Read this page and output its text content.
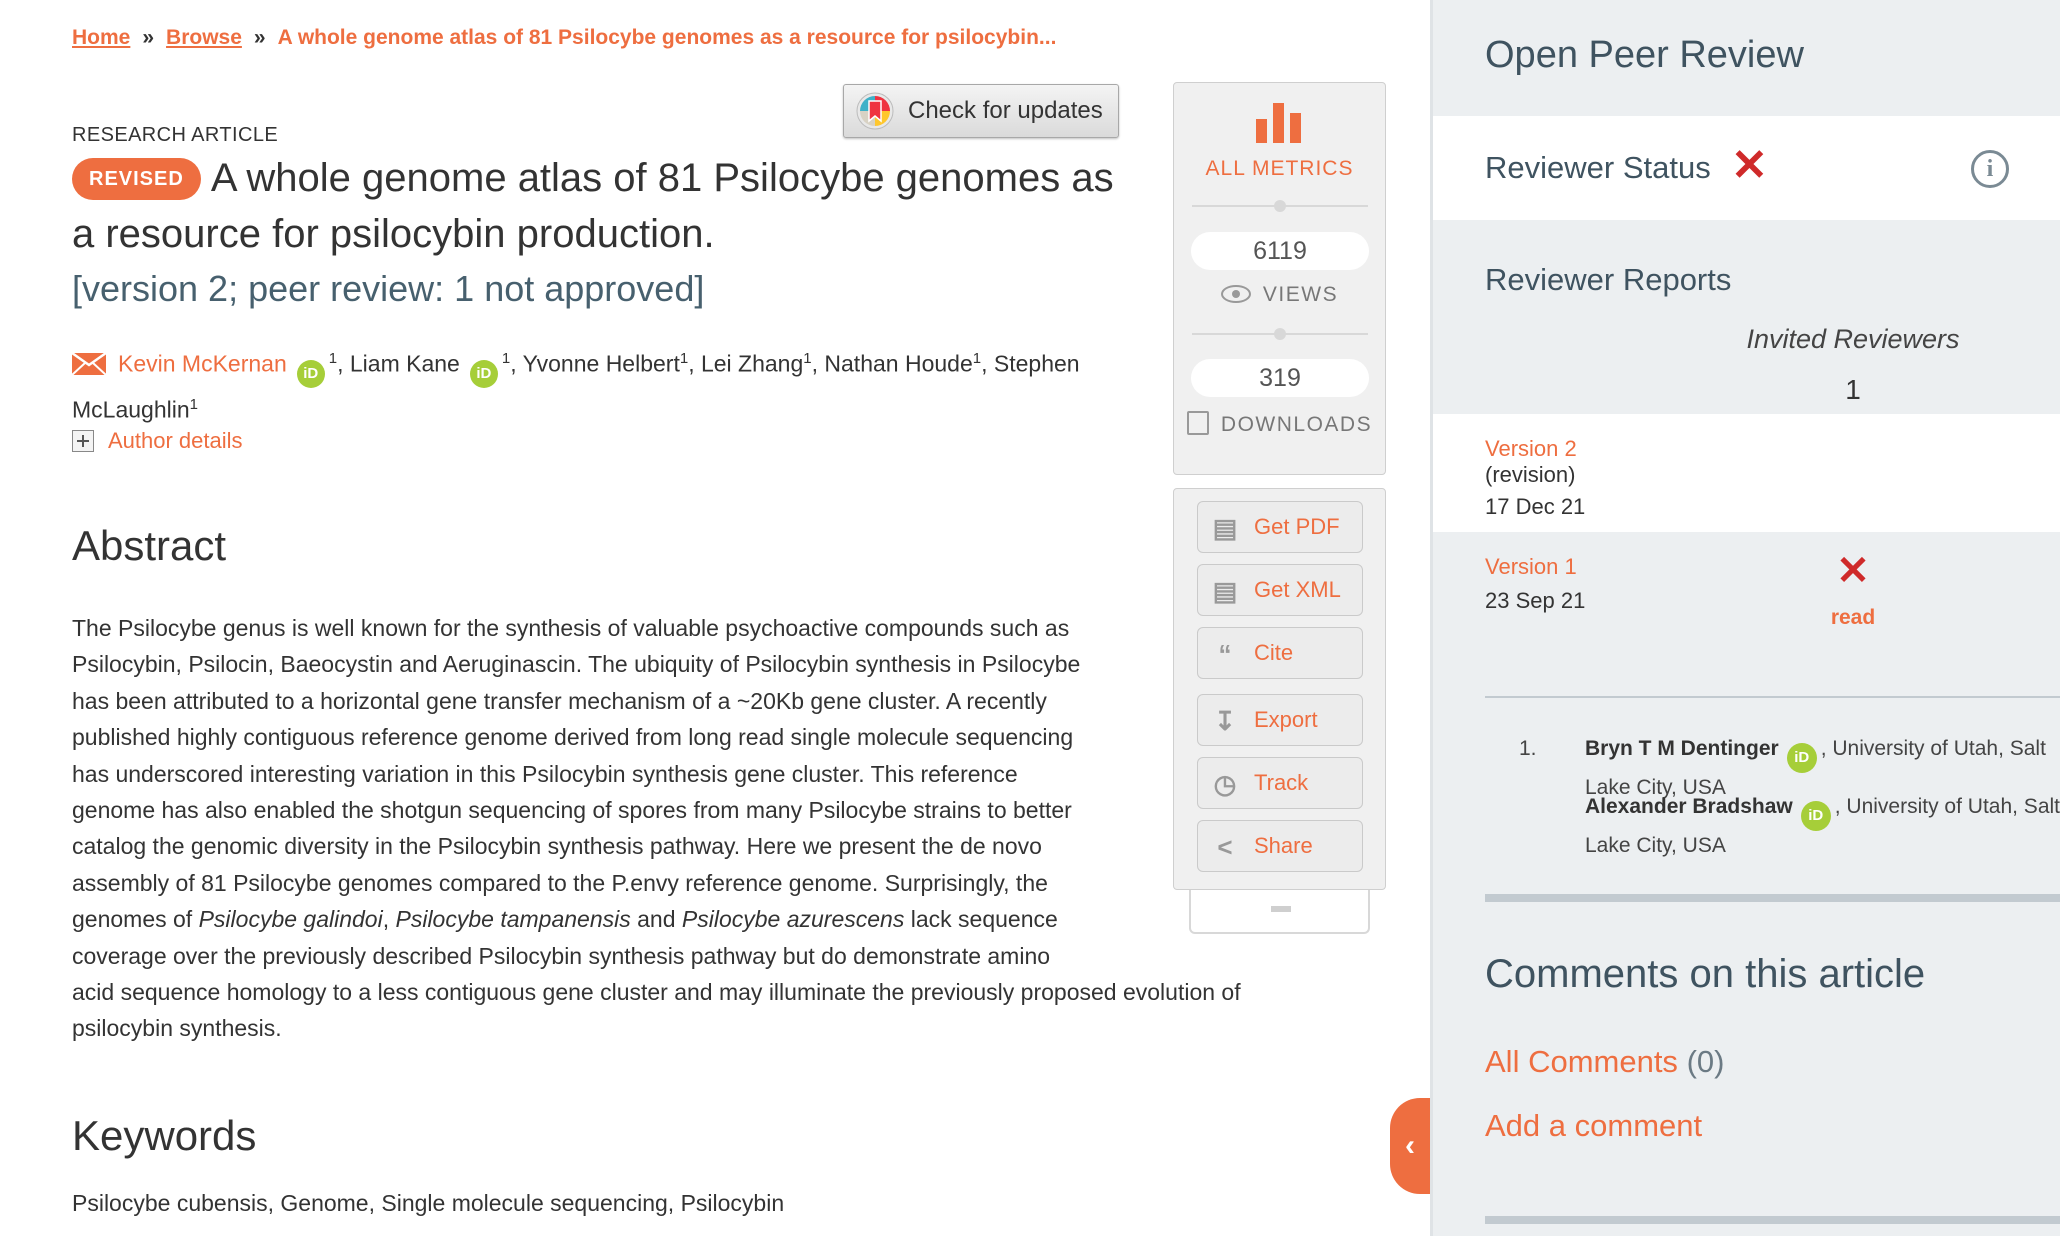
Home » Browse » A whole genome atlas of 81 Psilocybe genomes as a resource for psilocybin...
Check for updates
RESEARCH ARTICLE
REVISED A whole genome atlas of 81 Psilocybe genomes as a resource for psilocybin production.
[version 2; peer review: 1 not approved]
Kevin McKernan $iD^1$, Liam Kane $iD^1$, Yvonne Helbert$^1$, Lei Zhang$^1$, Nathan Houde$^1$, Stephen McLaughlin$^1$
Author details
Abstract
The Psilocybe genus is well known for the synthesis of valuable psychoactive compounds such as
Psilocybin, Psilocin, Baeocystin and Aeruginascin. The ubiquity of Psilocybin synthesis in Psilocybe
has been attributed to a horizontal gene transfer mechanism of a ~20Kb gene cluster. A recently
published highly contiguous reference genome derived from long read single molecule sequencing
has underscored interesting variation in this Psilocybin synthesis gene cluster. This reference
genome has also enabled the shotgun sequencing of spores from many Psilocybe strains to better
catalog the genomic diversity in the Psilocybin synthesis pathway. Here we present the de novo
assembly of 81 Psilocybe genomes compared to the P.envy reference genome. Surprisingly, the
genomes of Psilocybe galindoi, Psilocybe tampanensis and Psilocybe azurescens lack sequence
coverage over the previously described Psilocybin synthesis pathway but do demonstrate amino
acid sequence homology to a less contiguous gene cluster and may illuminate the previously proposed evolution of
psilocybin synthesis.
Keywords
Psilocybe cubensis, Genome, Single molecule sequencing, Psilocybin
ALL METRICS
6119
VIEWS
319
DOWNLOADS
▤ Get PDF
▤ Get XML
“	Cite
↧ Export
◷ Track
< Share
‹
Open Peer Review
Reviewer Status ✕	i
Reviewer Reports
Invited Reviewers
1
Version 2
(revision)
17 Dec 21
Version 1
23 Sep 21
✕
read
1. Bryn T M Dentinger iD , University of Utah, Salt Lake City, USA
Alexander Bradshaw iD , University of Utah, Salt Lake City, USA
Comments on this article
All Comments (0)
Add a comment
